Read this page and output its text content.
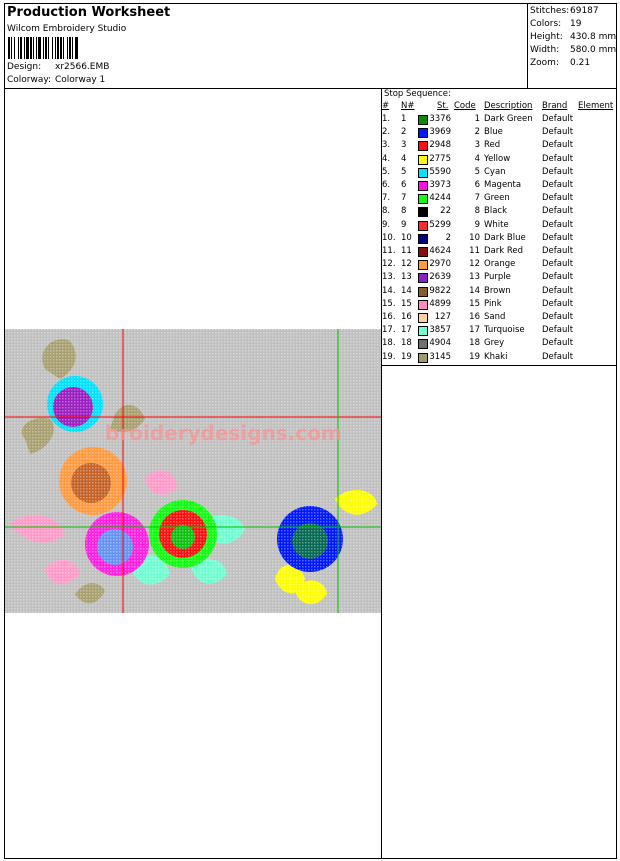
Production Worksheet
Wilcom Embroidery Studio
Design: xr2566.EMB
Colorway: Colorway 1
Stitches:69187
Colors: 19
Height: 430.8 mm
Width: 580.0 mm
Zoom: 0.21
broiderydesigns.com
Stop Sequence:
# N#	St. Code Description Brand Element
1. 1	3376	1 Dark Green Default
2. 2	3969	2 Blue	Default
3. 3	2948	3 Red	Default
4. 4	2775	4 Yellow	Default
5. 5	5590	5 Cyan	Default
6. 6	3973	6 Magenta Default
7. 7	4244	7 Green	Default
8. 8	22	8 Black	Default
9. 9	5299	9 White	Default
10. 10	2	10 Dark Blue Default
11. 11 4624	11 Dark Red Default
12. 12 2970	12 Orange	Default
13. 13 2639	13 Purple	Default
14. 14 9822	14 Brown	Default
15. 15 4899	15 Pink	Default
16. 16	127	16 Sand	Default
17. 17 3857	17 Turquoise Default
18. 18 4904	18 Grey	Default
19. 19 3145	19 Khaki	Default
